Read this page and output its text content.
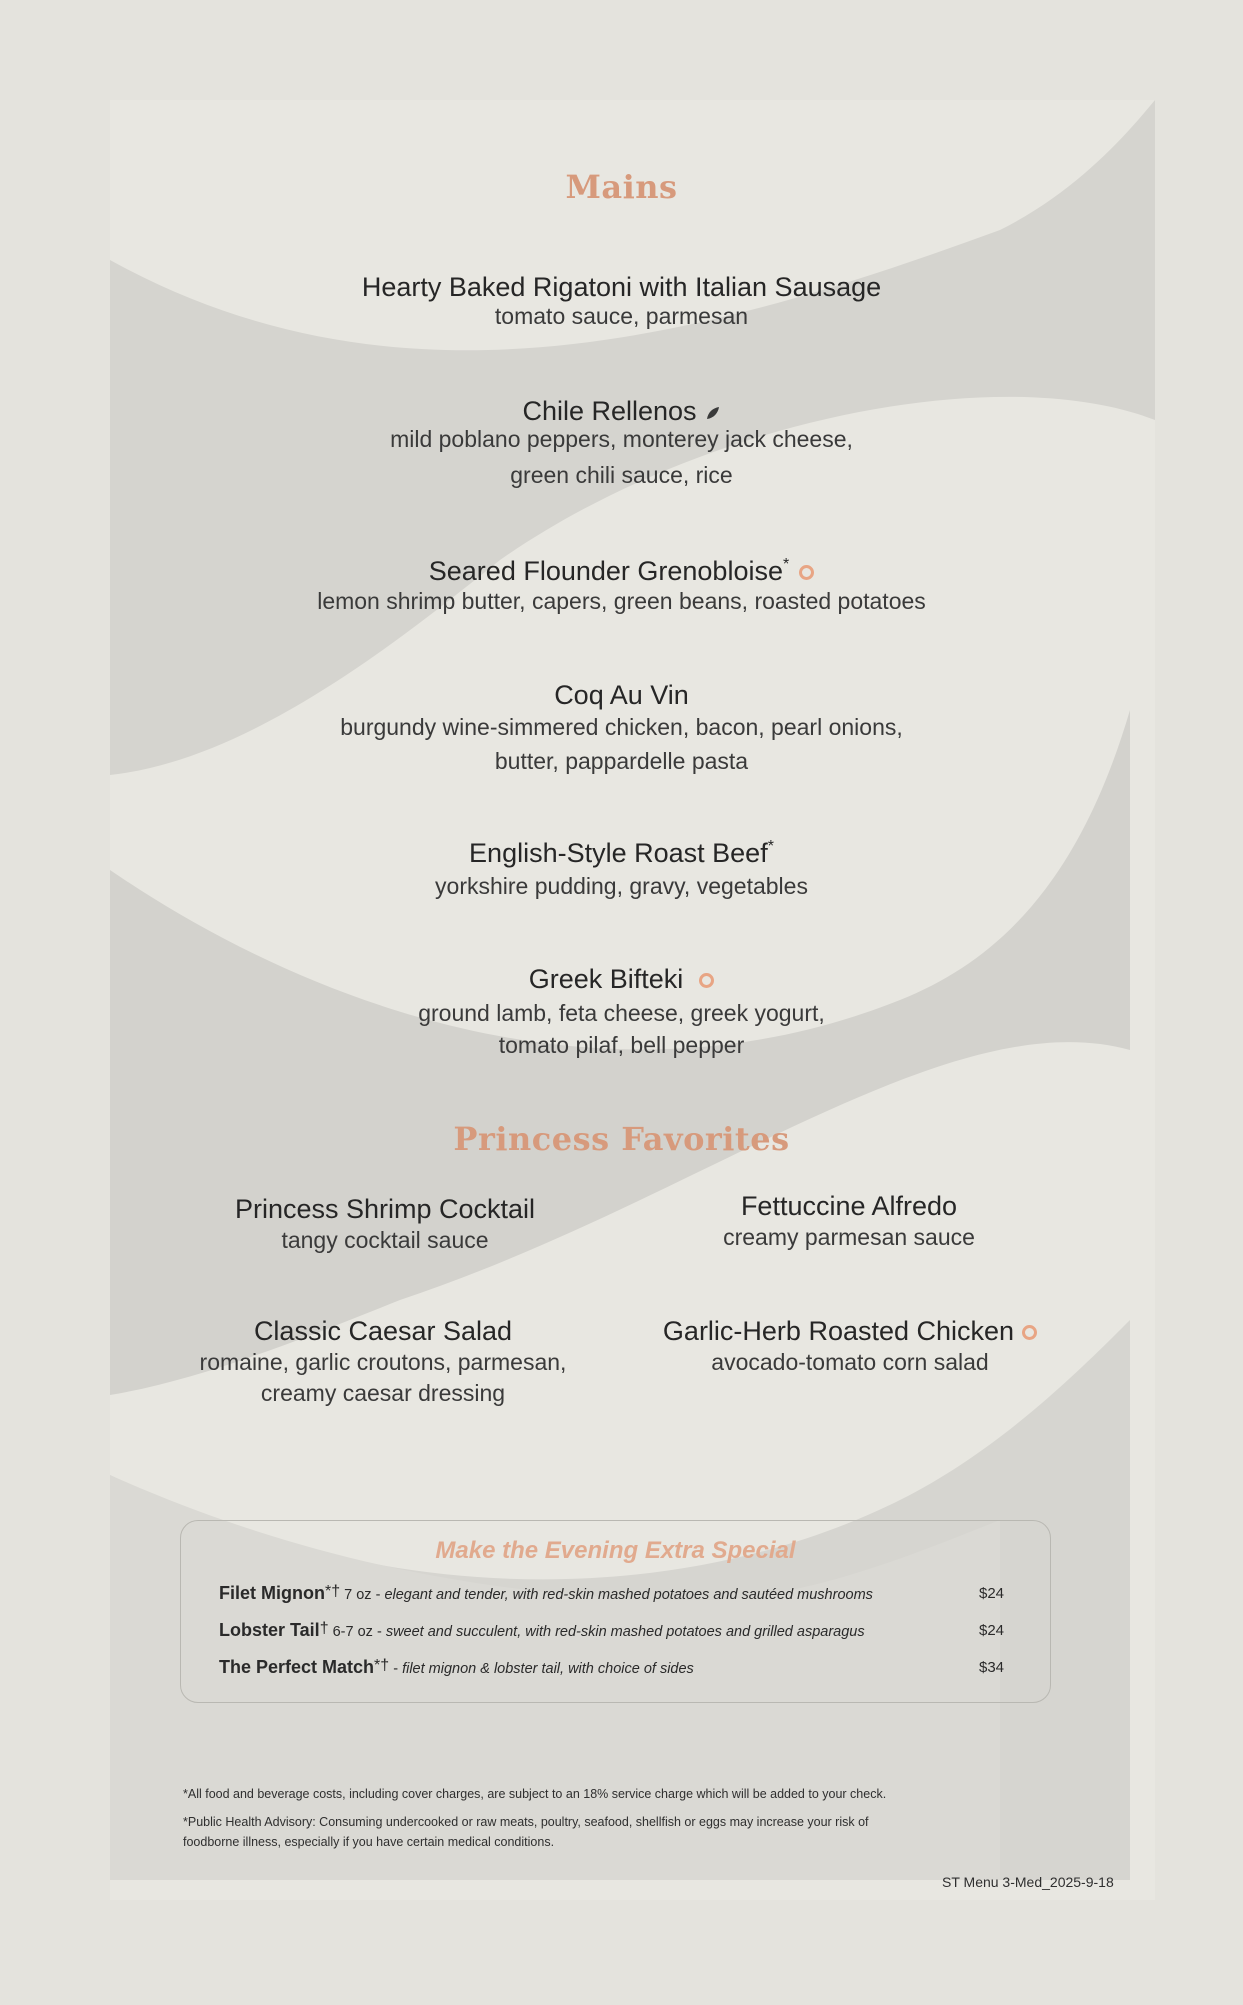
Mains
Hearty Baked Rigatoni with Italian Sausage
tomato sauce, parmesan
Chile Rellenos
mild poblano peppers, monterey jack cheese,
green chili sauce, rice
Seared Flounder Grenobloise*
lemon shrimp butter, capers, green beans, roasted potatoes
Coq Au Vin
burgundy wine-simmered chicken, bacon, pearl onions,
butter, pappardelle pasta
English-Style Roast Beef*
yorkshire pudding, gravy, vegetables
Greek Bifteki
ground lamb, feta cheese, greek yogurt,
tomato pilaf, bell pepper
Princess Favorites
Princess Shrimp Cocktail
tangy cocktail sauce
Fettuccine Alfredo
creamy parmesan sauce
Classic Caesar Salad
romaine, garlic croutons, parmesan,
creamy caesar dressing
Garlic-Herb Roasted Chicken
avocado-tomato corn salad
Make the Evening Extra Special
Filet Mignon*† 7 oz - elegant and tender, with red-skin mashed potatoes and sautéed mushrooms	$24
Lobster Tail† 6-7 oz - sweet and succulent, with red-skin mashed potatoes and grilled asparagus	$24
The Perfect Match*† - filet mignon & lobster tail, with choice of sides	$34
*All food and beverage costs, including cover charges, are subject to an 18% service charge which will be added to your check.
*Public Health Advisory: Consuming undercooked or raw meats, poultry, seafood, shellfish or eggs may increase your risk of
foodborne illness, especially if you have certain medical conditions.
ST Menu 3-Med_2025-9-18
